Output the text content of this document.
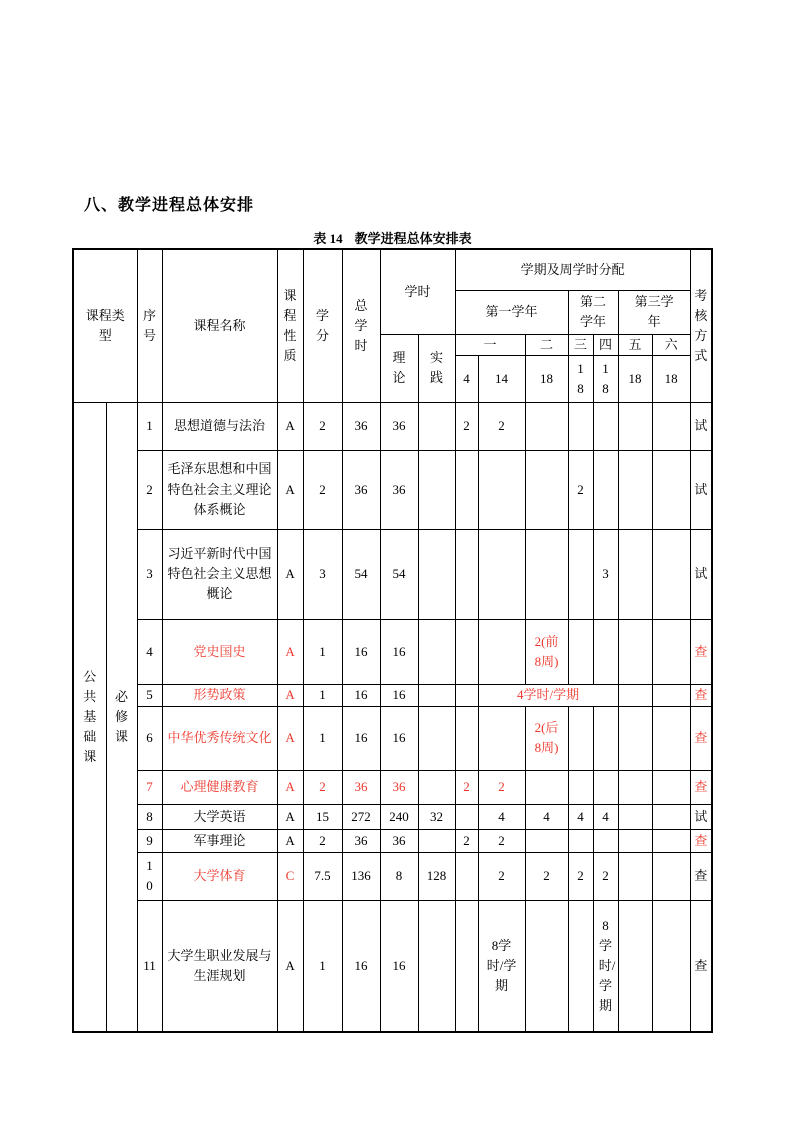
八、教学进程总体安排
表 14 教学进程总体安排表
课程类型		序号	课程名称	课程性质	学分	总学时	学时		学期及周学时分配							考核方式
									第一学年			第二学年		第三学年		
							理论	实践	一		二	三	四	五	六	
									4	14	18	18	18	18	18	
公共基础课	必修课	1	思想道德与法治	A	2	36	36		2	2						试
		2	毛泽东思想和中国特色社会主义理论体系概论	A	2	36	36					2				试
		3	习近平新时代中国特色社会主义思想概论	A	3	54	54						3			试
		4	党史国史	A	1	16	16				2(前8周)					查
		5	形势政策	A	1	16	16			4学时/学期						查
		6	中华优秀传统文化	A	1	16	16				2(后8周)					查
		7	心理健康教育	A	2	36	36		2	2						查
		8	大学英语	A	15	272	240	32		4	4	4	4			试
		9	军事理论	A	2	36	36		2	2						查
		10	大学体育	C	7.5	136	8	128		2	2	2	2			查
		11	大学生职业发展与生涯规划	A	1	16	16			8学时/学期			8学时/学期			查
